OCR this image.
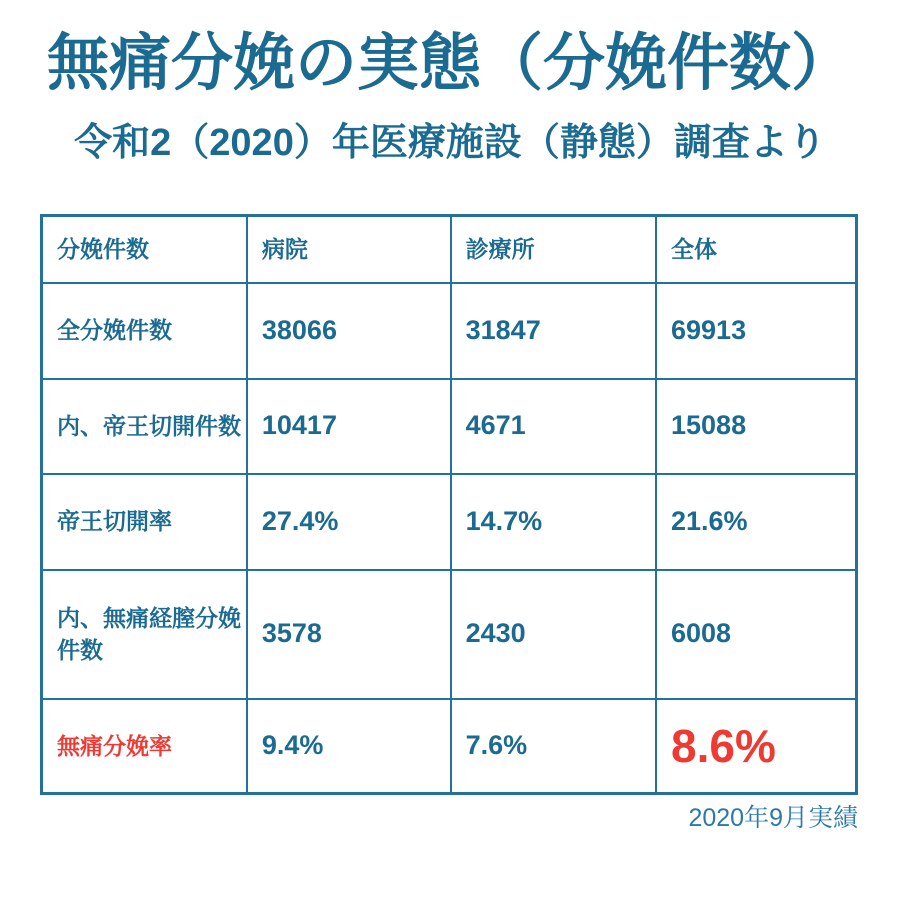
無痛分娩の実態（分娩件数）
令和2（2020）年医療施設（静態）調査より
分娩件数	病院	診療所	全体
全分娩件数	38066	31847	69913
内、帝王切開件数	10417	4671	15088
帝王切開率	27.4%	14.7%	21.6%
内、無痛経膣分娩件数	3578	2430	6008
無痛分娩率	9.4%	7.6%	8.6%
2020年9月実績
